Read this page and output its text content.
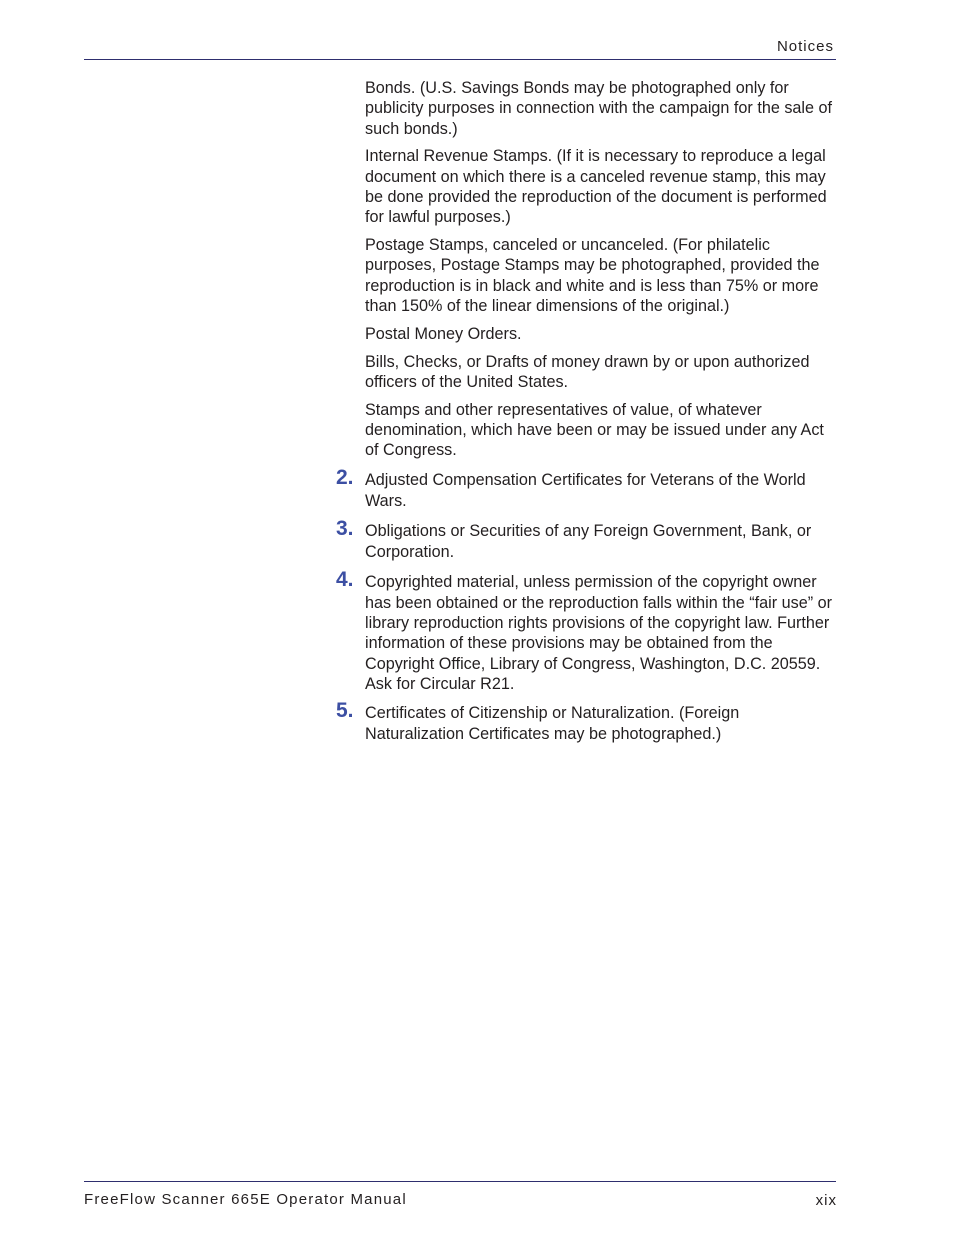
Notices

Bonds. (U.S. Savings Bonds may be photographed only for publicity purposes in connection with the campaign for the sale of such bonds.)

Internal Revenue Stamps. (If it is necessary to reproduce a legal document on which there is a canceled revenue stamp, this may be done provided the reproduction of the document is performed for lawful purposes.)

Postage Stamps, canceled or uncanceled. (For philatelic purposes, Postage Stamps may be photographed, provided the reproduction is in black and white and is less than 75% or more than 150% of the linear dimensions of the original.)

Postal Money Orders.

Bills, Checks, or Drafts of money drawn by or upon authorized officers of the United States.

Stamps and other representatives of value, of whatever denomination, which have been or may be issued under any Act of Congress.

2. Adjusted Compensation Certificates for Veterans of the World Wars.
3. Obligations or Securities of any Foreign Government, Bank, or Corporation.
4. Copyrighted material, unless permission of the copyright owner has been obtained or the reproduction falls within the “fair use” or library reproduction rights provisions of the copyright law. Further information of these provisions may be obtained from the Copyright Office, Library of Congress, Washington, D.C. 20559. Ask for Circular R21.
5. Certificates of Citizenship or Naturalization. (Foreign Naturalization Certificates may be photographed.)
FreeFlow Scanner 665E Operator Manual	xix
